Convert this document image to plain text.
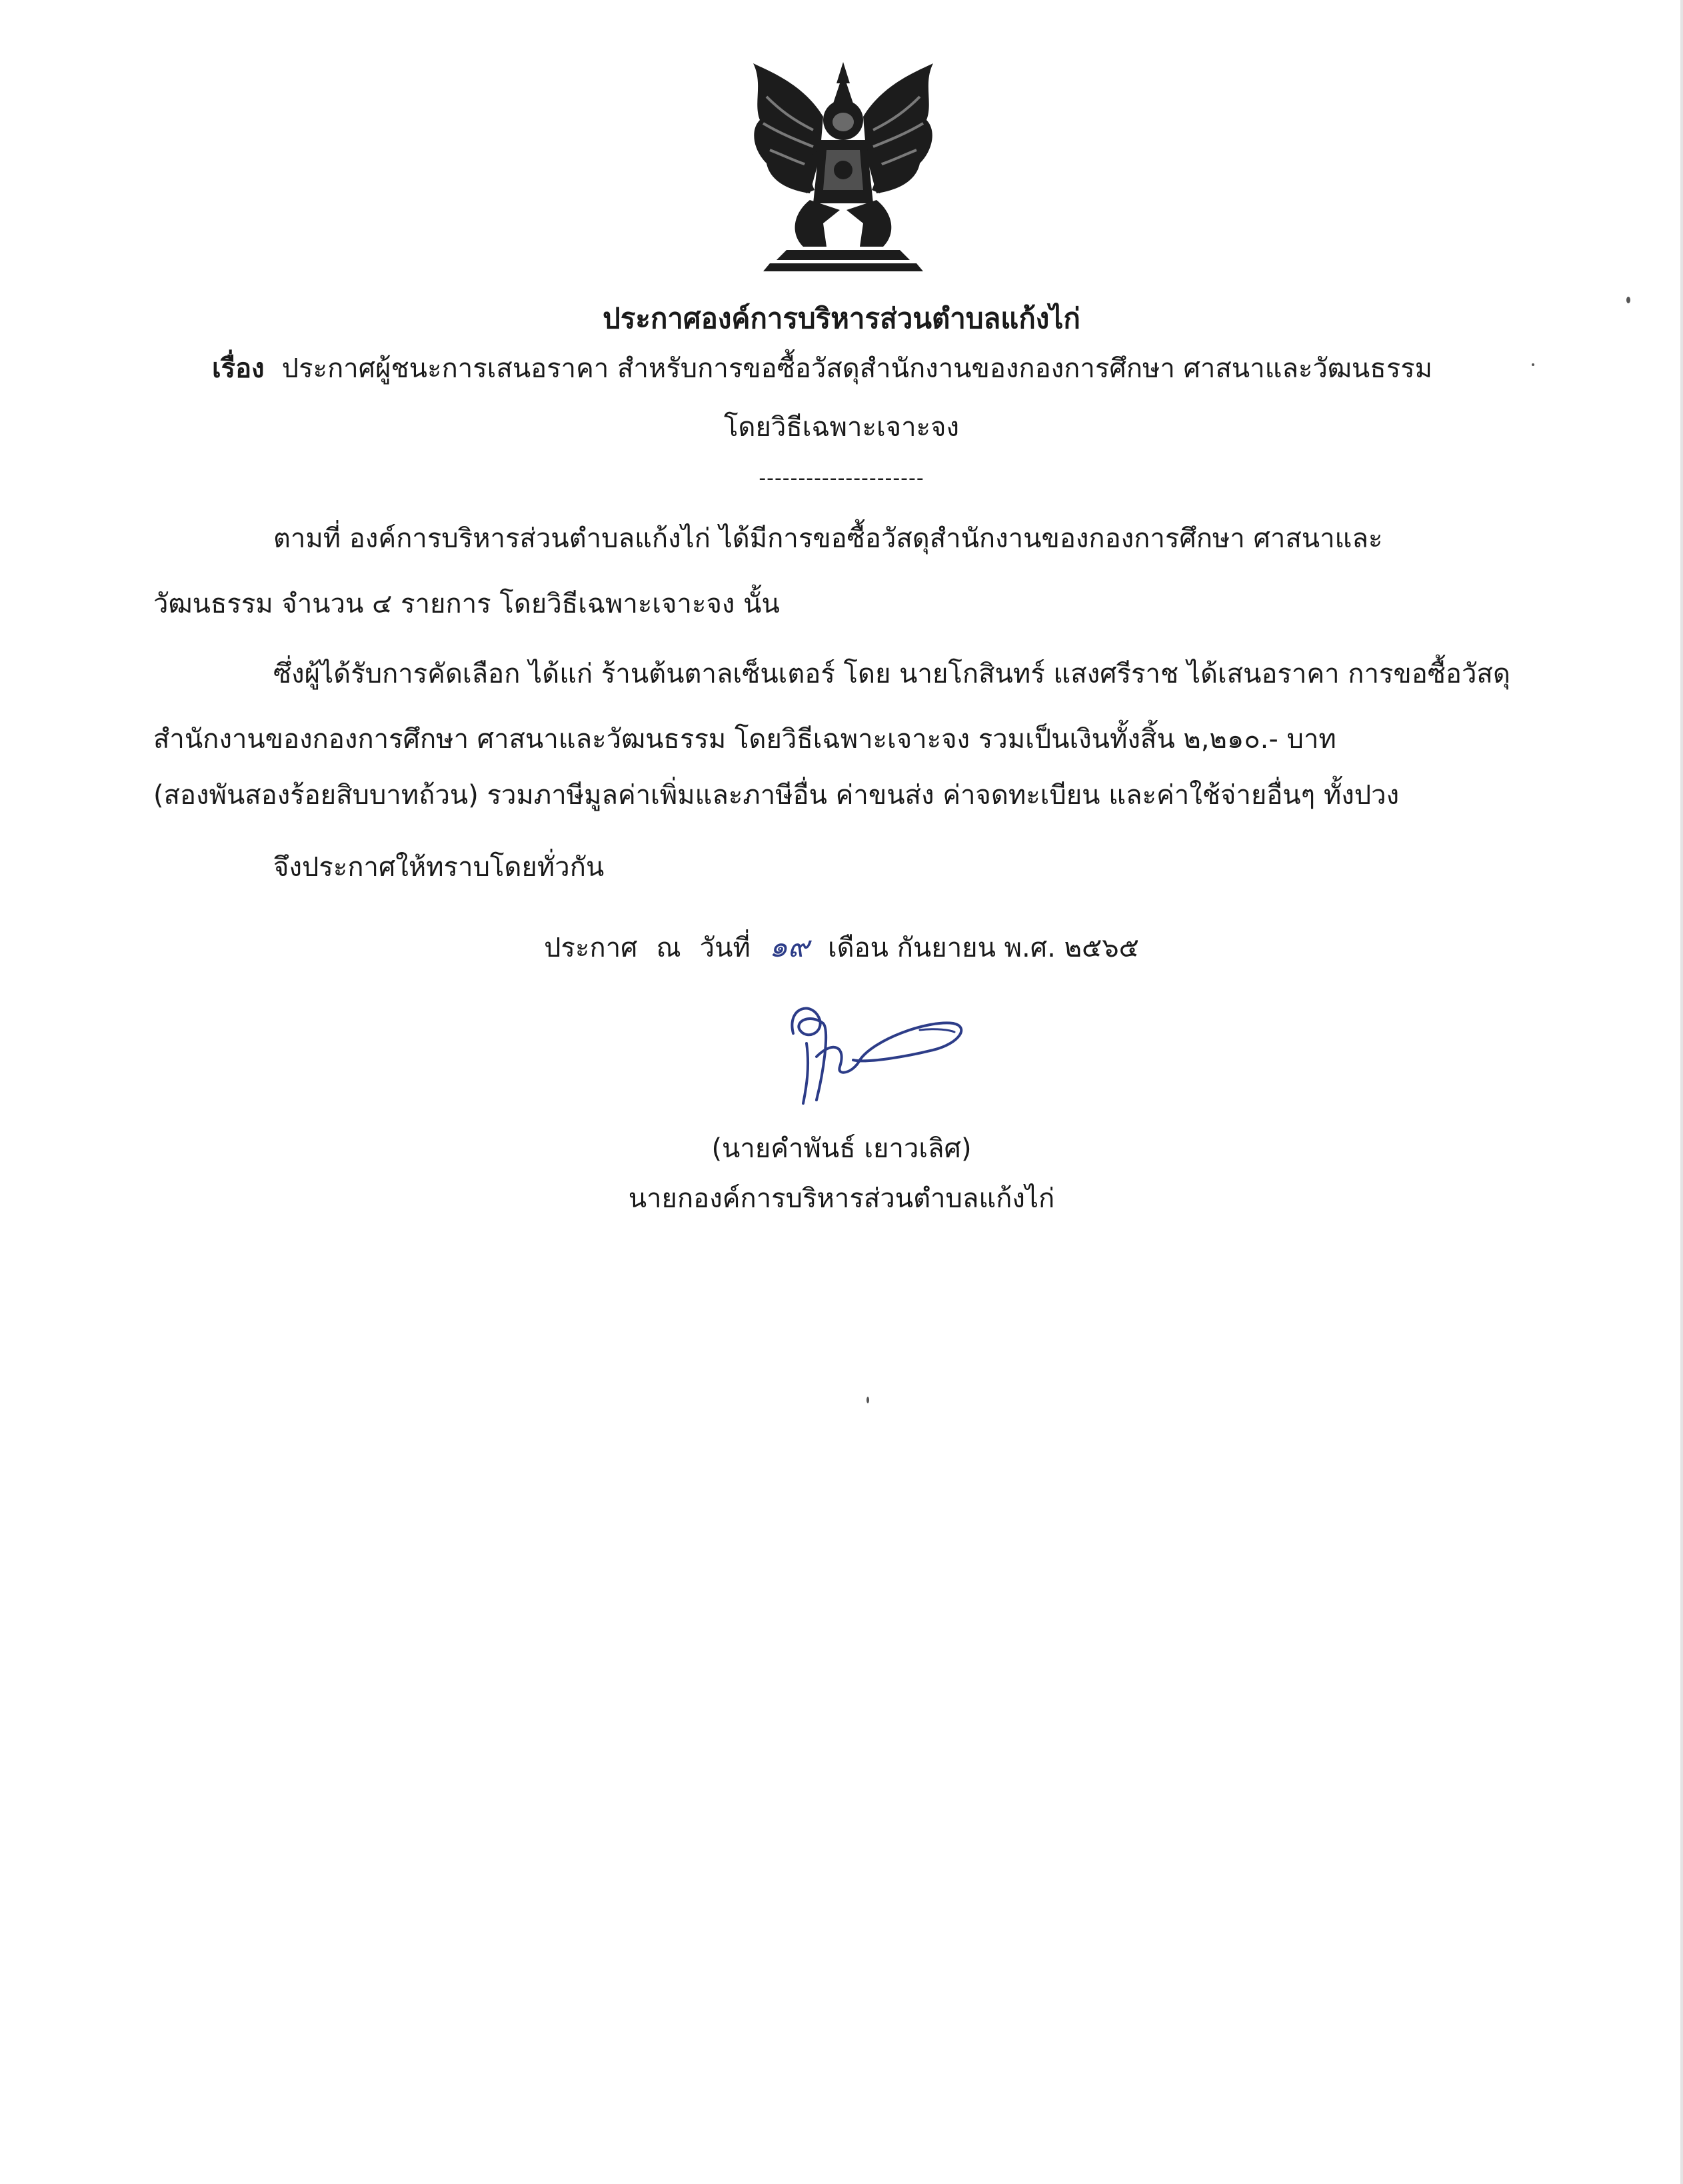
ประกาศองค์การบริหารส่วนตำบลแก้งไก่
เรื่อง ประกาศผู้ชนะการเสนอราคา สำหรับการขอซื้อวัสดุสำนักงานของกองการศึกษา ศาสนาและวัฒนธรรม
โดยวิธีเฉพาะเจาะจง
---------------------
ตามที่ องค์การบริหารส่วนตำบลแก้งไก่ ได้มีการขอซื้อวัสดุสำนักงานของกองการศึกษา ศาสนาและ
วัฒนธรรม จำนวน ๔ รายการ โดยวิธีเฉพาะเจาะจง นั้น
ซึ่งผู้ได้รับการคัดเลือก ได้แก่ ร้านต้นตาลเซ็นเตอร์ โดย นายโกสินทร์ แสงศรีราช ได้เสนอราคา การขอซื้อวัสดุ
สำนักงานของกองการศึกษา ศาสนาและวัฒนธรรม โดยวิธีเฉพาะเจาะจง รวมเป็นเงินทั้งสิ้น ๒,๒๑๐.- บาท
(สองพันสองร้อยสิบบาทถ้วน) รวมภาษีมูลค่าเพิ่มและภาษีอื่น ค่าขนส่ง ค่าจดทะเบียน และค่าใช้จ่ายอื่นๆ ทั้งปวง
จึงประกาศให้ทราบโดยทั่วกัน
ประกาศ ณ วันที่ ๑๙ เดือน กันยายน พ.ศ. ๒๕๖๕
(นายคำพันธ์ เยาวเลิศ)
นายกองค์การบริหารส่วนตำบลแก้งไก่
